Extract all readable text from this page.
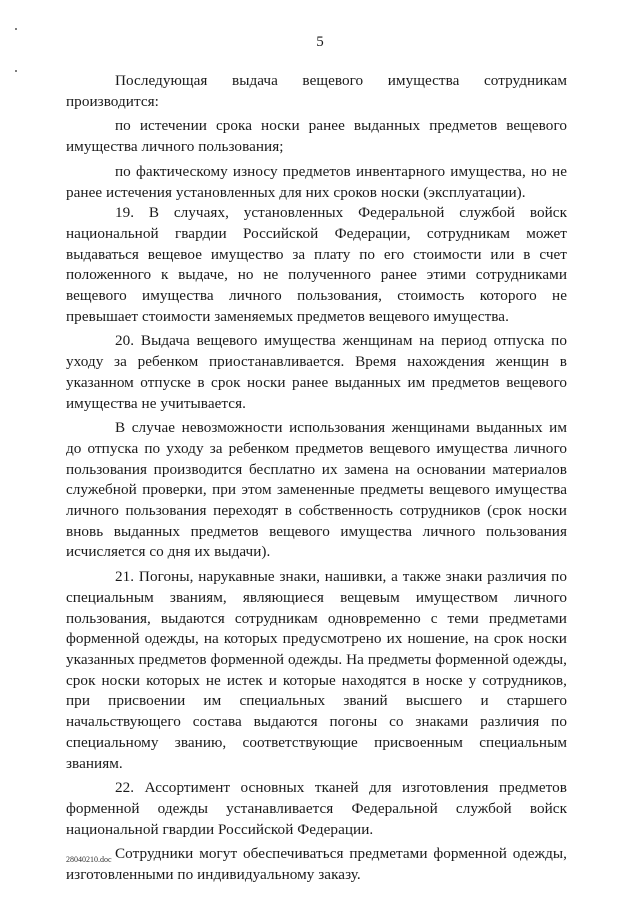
5

Последующая выдача вещевого имущества сотрудникам производится:

по истечении срока носки ранее выданных предметов вещевого имущества личного пользования;

по фактическому износу предметов инвентарного имущества, но не ранее истечения установленных для них сроков носки (эксплуатации).

19. В случаях, установленных Федеральной службой войск национальной гвардии Российской Федерации, сотрудникам может выдаваться вещевое имущество за плату по его стоимости или в счет положенного к выдаче, но не полученного ранее этими сотрудниками вещевого имущества личного пользования, стоимость которого не превышает стоимости заменяемых предметов вещевого имущества.

20. Выдача вещевого имущества женщинам на период отпуска по уходу за ребенком приостанавливается. Время нахождения женщин в указанном отпуске в срок носки ранее выданных им предметов вещевого имущества не учитывается.

В случае невозможности использования женщинами выданных им до отпуска по уходу за ребенком предметов вещевого имущества личного пользования производится бесплатно их замена на основании материалов служебной проверки, при этом замененные предметы вещевого имущества личного пользования переходят в собственность сотрудников (срок носки вновь выданных предметов вещевого имущества личного пользования исчисляется со дня их выдачи).

21. Погоны, нарукавные знаки, нашивки, а также знаки различия по специальным званиям, являющиеся вещевым имуществом личного пользования, выдаются сотрудникам одновременно с теми предметами форменной одежды, на которых предусмотрено их ношение, на срок носки указанных предметов форменной одежды. На предметы форменной одежды, срок носки которых не истек и которые находятся в носке у сотрудников, при присвоении им специальных званий высшего и старшего начальствующего состава выдаются погоны со знаками различия по специальному званию, соответствующие присвоенным специальным званиям.

22. Ассортимент основных тканей для изготовления предметов форменной одежды устанавливается Федеральной службой войск национальной гвардии Российской Федерации.

Сотрудники могут обеспечиваться предметами форменной одежды, изготовленными по индивидуальному заказу.

28040210.doc
